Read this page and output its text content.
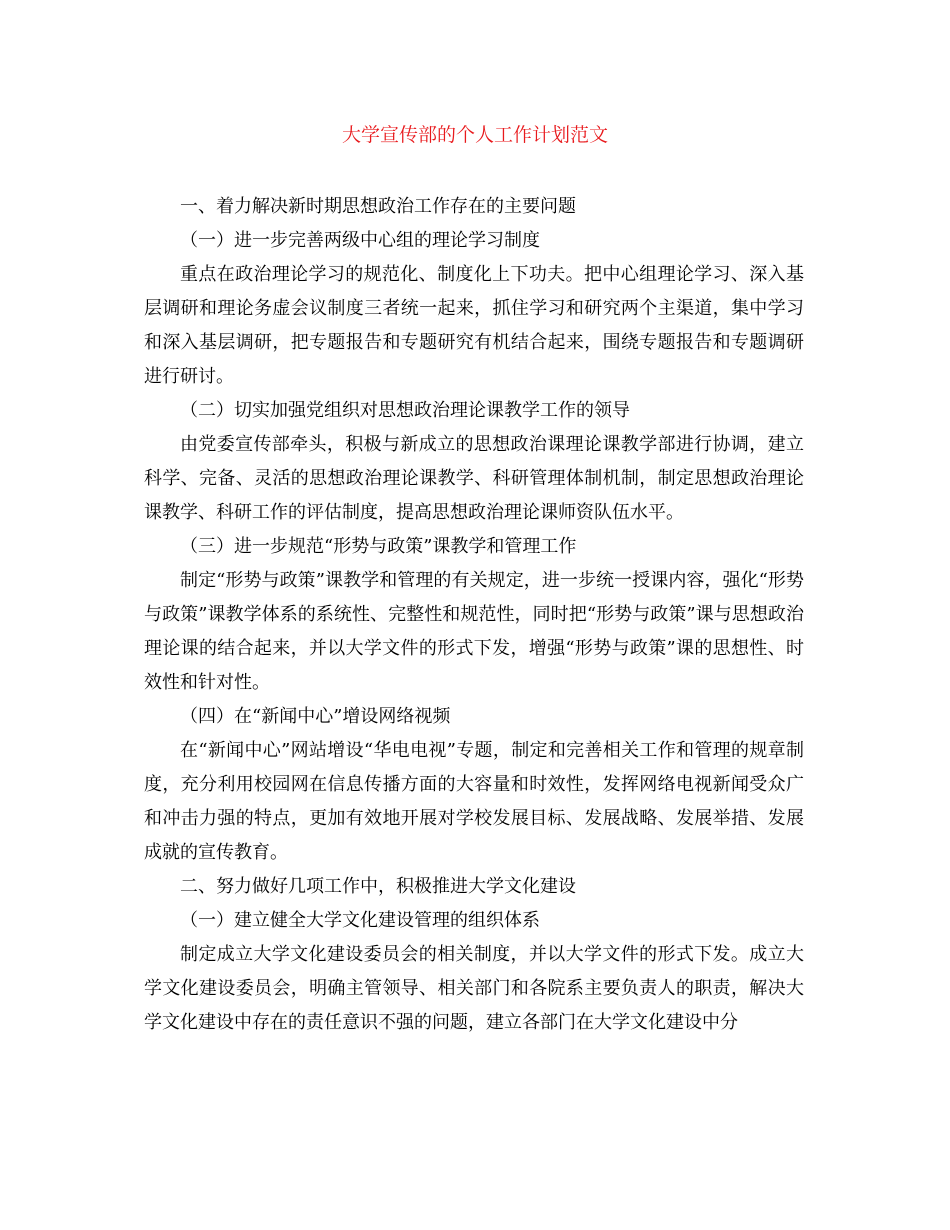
大学宣传部的个人工作计划范文

一、着力解决新时期思想政治工作存在的主要问题

（一）进一步完善两级中心组的理论学习制度

重点在政治理论学习的规范化、制度化上下功夫。把中心组理论学习、深入基层调研和理论务虚会议制度三者统一起来，抓住学习和研究两个主渠道，集中学习和深入基层调研，把专题报告和专题研究有机结合起来，围绕专题报告和专题调研进行研讨。

（二）切实加强党组织对思想政治理论课教学工作的领导

由党委宣传部牵头，积极与新成立的思想政治课理论课教学部进行协调，建立科学、完备、灵活的思想政治理论课教学、科研管理体制机制，制定思想政治理论课教学、科研工作的评估制度，提高思想政治理论课师资队伍水平。

（三）进一步规范“形势与政策”课教学和管理工作

制定“形势与政策”课教学和管理的有关规定，进一步统一授课内容，强化“形势与政策”课教学体系的系统性、完整性和规范性，同时把“形势与政策”课与思想政治理论课的结合起来，并以大学文件的形式下发，增强“形势与政策”课的思想性、时效性和针对性。

（四）在“新闻中心”增设网络视频

在“新闻中心”网站增设“华电电视”专题，制定和完善相关工作和管理的规章制度，充分利用校园网在信息传播方面的大容量和时效性，发挥网络电视新闻受众广和冲击力强的特点，更加有效地开展对学校发展目标、发展战略、发展举措、发展成就的宣传教育。

二、努力做好几项工作中，积极推进大学文化建设

（一）建立健全大学文化建设管理的组织体系

制定成立大学文化建设委员会的相关制度，并以大学文件的形式下发。成立大学文化建设委员会，明确主管领导、相关部门和各院系主要负责人的职责，解决大学文化建设中存在的责任意识不强的问题，建立各部门在大学文化建设中分
